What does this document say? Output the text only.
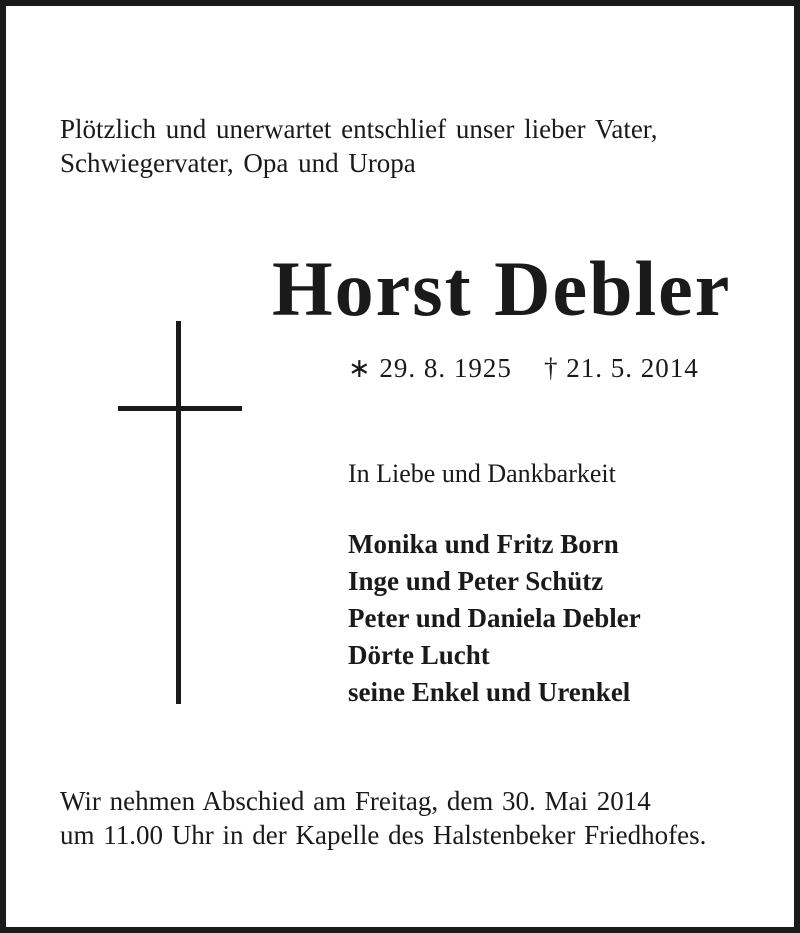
Plötzlich und unerwartet entschlief unser lieber Vater,
Schwiegervater, Opa und Uropa
Horst Debler
∗ 29. 8. 1925 † 21. 5. 2014
In Liebe und Dankbarkeit
Monika und Fritz Born
Inge und Peter Schütz
Peter und Daniela Debler
Dörte Lucht
seine Enkel und Urenkel
Wir nehmen Abschied am Freitag, dem 30. Mai 2014
um 11.00 Uhr in der Kapelle des Halstenbeker Friedhofes.
